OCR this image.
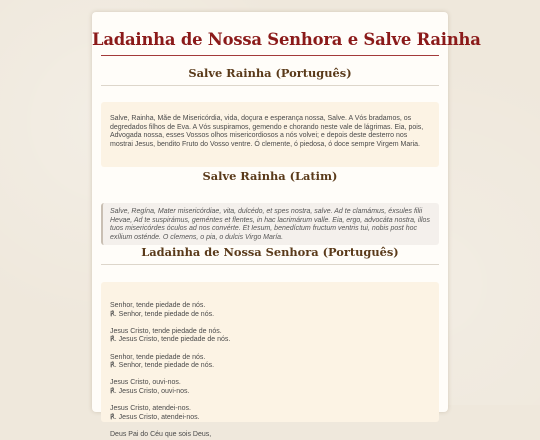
Ladainha de Nossa Senhora e Salve Rainha
Salve Rainha (Português)
Salve, Rainha, Mãe de Misericórdia, vida, doçura e esperança nossa, Salve. A Vós bradamos, os degredados filhos de Eva. A Vós suspiramos, gemendo e chorando neste vale de lágrimas. Eia, pois, Advogada nossa, esses Vossos olhos misericordiosos a nós volvei; e depois deste desterro nos mostrai Jesus, bendito Fruto do Vosso ventre. Ó clemente, ó piedosa, ó doce sempre Virgem Maria.
Salve Rainha (Latim)
Salve, Regína, Mater misericórdiae, vita, dulcédo, et spes nostra, salve. Ad te clamámus, éxsules filii Hevae, Ad te suspirámus, geméntes et flentes, in hac lacrimárum valle. Eia, ergo, advocáta nostra, illos tuos misericórdes óculos ad nos convérte. Et Iesum, benedíctum fructum ventris tui, nobis post hoc exílium osténde. O clemens, o pia, o dulcis Virgo María.
Ladainha de Nossa Senhora (Português)
Senhor, tende piedade de nós.
℟. Senhor, tende piedade de nós.
Jesus Cristo, tende piedade de nós.
℟. Jesus Cristo, tende piedade de nós.
Senhor, tende piedade de nós.
℟. Senhor, tende piedade de nós.
Jesus Cristo, ouvi-nos.
℟. Jesus Cristo, ouvi-nos.
Jesus Cristo, atendei-nos.
℟. Jesus Cristo, atendei-nos.
Deus Pai do Céu que sois Deus,
